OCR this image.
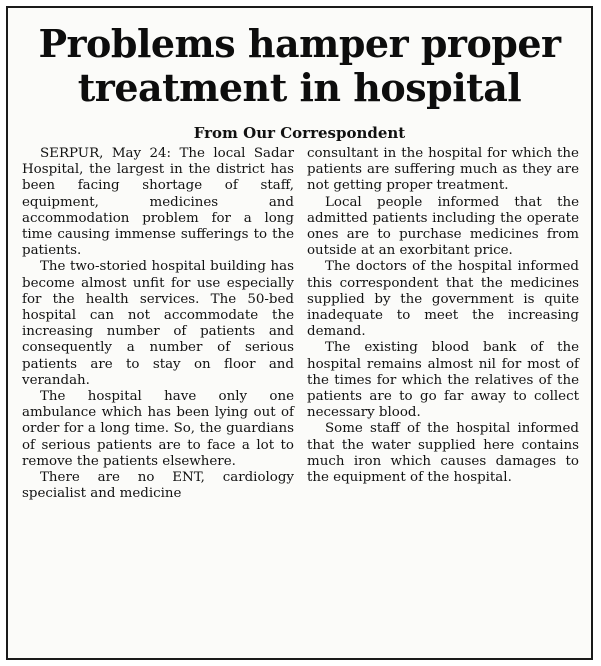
Problems hamper proper treatment in hospital
From Our Correspondent

SERPUR, May 24: The local Sadar Hospital, the largest in the district has been facing shortage of staff, equipment, medicines and accommodation problem for a long time causing immense sufferings to the patients.

The two-storied hospital building has become almost unfit for use especially for the health services. The 50-bed hospital can not accommodate the increasing number of patients and consequently a number of serious patients are to stay on floor and verandah.

The hospital have only one ambulance which has been lying out of order for a long time. So, the guardians of serious patients are to face a lot to remove the patients elsewhere.

There are no ENT, cardiology specialist and medicine

consultant in the hospital for which the patients are suffering much as they are not getting proper treatment.

Local people informed that the admitted patients including the operate ones are to purchase medicines from outside at an exorbitant price.

The doctors of the hospital informed this correspondent that the medicines supplied by the government is quite inadequate to meet the increasing demand.

The existing blood bank of the hospital remains almost nil for most of the times for which the relatives of the patients are to go far away to collect necessary blood.

Some staff of the hospital informed that the water supplied here contains much iron which causes damages to the equipment of the hospital.
